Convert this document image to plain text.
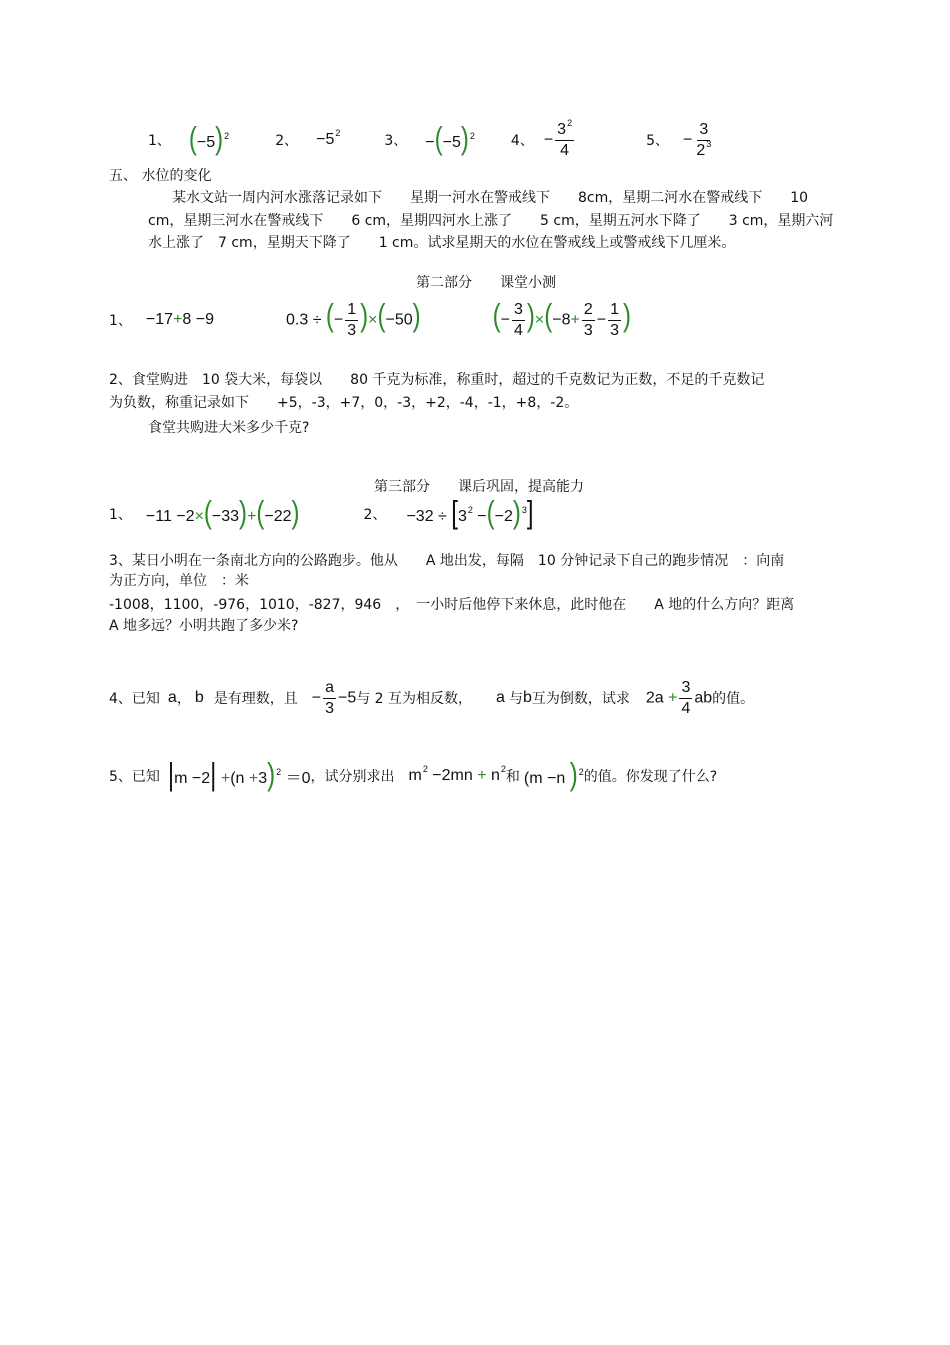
1、 $(-5)^2$	2、 $-5^2$	3、 $-(-5)^2$	4、 − $\frac{3^2}{4}$	5、 − $\frac{3}{2^3}$
五、 水位的变化
某水文站一周内河水涨落记录如下　　星期一河水在警戒线下　　8cm，星期二河水在警戒线下　　10
cm，星期三河水在警戒线下　　6 cm，星期四河水上涨了　　5 cm，星期五河水下降了　　3 cm，星期六河
水上涨了　7 cm，星期天下降了　　1 cm。试求星期天的水位在警戒线上或警戒线下几厘米。
第二部分　　课堂小测
1、 −17+8 −9	0.3 ÷ (− $\frac{1}{3} )\times(-50)$	(− $\frac{3}{4} )\times(-8+ \frac{2}{3} - \frac{1}{3}$ )
2、食堂购进　10 袋大米，每袋以　　80 千克为标准，称重时，超过的千克数记为正数，不足的千克数记
为负数，称重记录如下　　+5，-3，+7，0，-3，+2，-4，-1，+8，-2。
食堂共购进大米多少千克?
第三部分　　课后巩固，提高能力
1、 −11 −2×(−33)+(−22)	2、 $-32 \div [3^2 -(-2)^3]$
3、某日小明在一条南北方向的公路跑步。他从　　A 地出发，每隔　10 分钟记录下自己的跑步情况　：向南
为正方向，单位　：米
-1008，1100，-976，1010，-827，946　，　一小时后他停下来休息，此时他在　　A 地的什么方向？距离
A 地多远？小明共跑了多少米?
4、已知 a ， b 是有理数，且 − $\frac{a}{3} -5$ 与 2 互为相反数， a 与 b 互为倒数，试求 $2a + \frac{3}{4}$ ab 的值。
5、已知 $|m -2| +(n +3)^2 =0$ ，试分别求出 $m^2 -2mn + n^2$ 和 (m −n )$^2$ 的值。你发现了什么?
